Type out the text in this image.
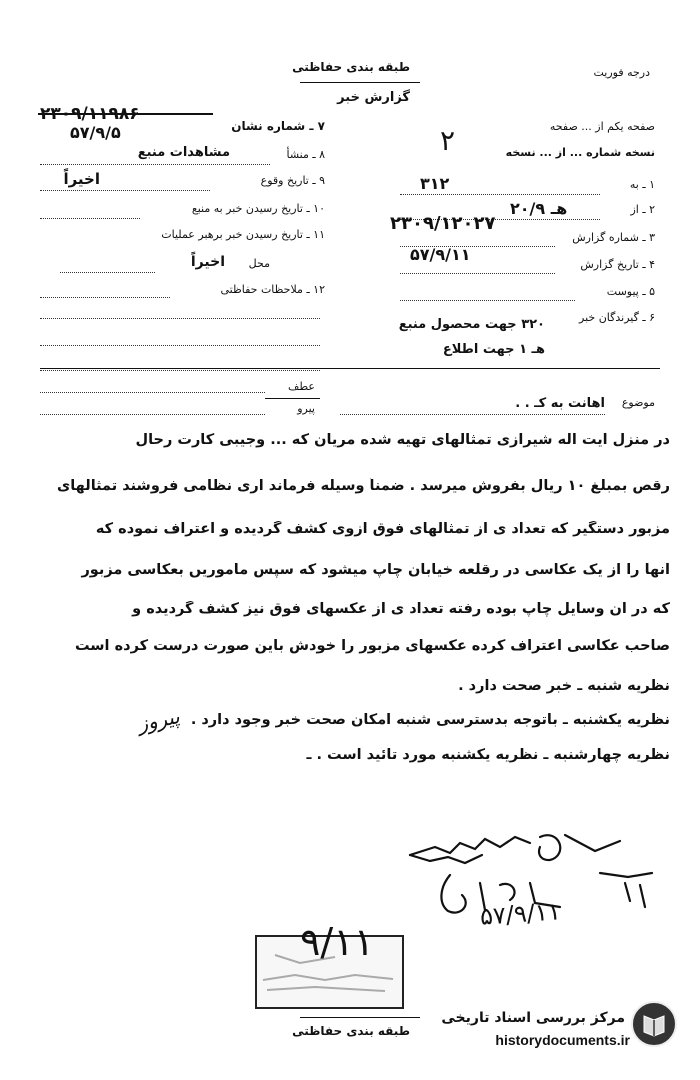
طبقه بندی حفاظتی	درجه فوریت
گزارش خبر
۷ ـ شماره نشان
۲۳۰۹/۱۱۹۸۶
۵۷/۹/۵
۸ ـ منشأ
مشاهدات منبع
۹ ـ تاریخ وقوع
اخیراً
۱۰ ـ تاریخ رسیدن خبر به منبع
۱۱ ـ تاریخ رسیدن خبر برهبر عملیات
محل
اخیراً
۱۲ ـ ملاحظات حفاظتی
صفحه یکم از ... صفحه
نسخه شماره ... از ... نسخه
۲
۱ ـ به
۳۱۲
۲ ـ از
۲۰/۹ هـ
۳ ـ شماره گزارش
۲۳۰۹/۱۲۰۲۷
۴ ـ تاریخ گزارش
۵۷/۹/۱۱
۵ ـ پیوست
۶ ـ گیرندگان خبر
۳۲۰ جهت محصول منبع
هـ ۱ جهت اطلاع
عطف
پیرو	موضوع
اهانت به کـ . .
در منزل آیت اله شیرازی تمثالهای تهیه شده مریان که ... وجیبی کارت رحال
رقص بمبلغ ۱۰ ریال بفروش میرسد . ضمناً وسیله فرماند اری نظامی فروشند تمثالهای
مزبور دستگیر که تعداد ی از تمثالهای فوق ازوی کشف گردیده و اعتراف نموده که
آنها را از یک عکاسی در رقلعه خیابان چاپ میشود که سپس ماموریں بعکاسی مزبور
که در آن وسایل چاپ بوده رفته تعداد ی از عکسهای فوق نیز کشف گردیده و
صاحب عکاسی اعتراف کرده عکسهای مزبور را خودش باین صورت درست کرده است
نظریه شنبه ـ خبر صحت دارد .
نظریه یکشنبه ـ باتوجه بدسترسی شنبه امکان صحت خبر وجود دارد .
نظریه چهارشنبه ـ نظریه یکشنبه مورد تائید است . ـ
پیروز
۹/۱۱
۵۷/۹/۱۱
طبقه بندی حفاظتی
مرکز بررسی اسناد تاریخی
historydocuments.ir
